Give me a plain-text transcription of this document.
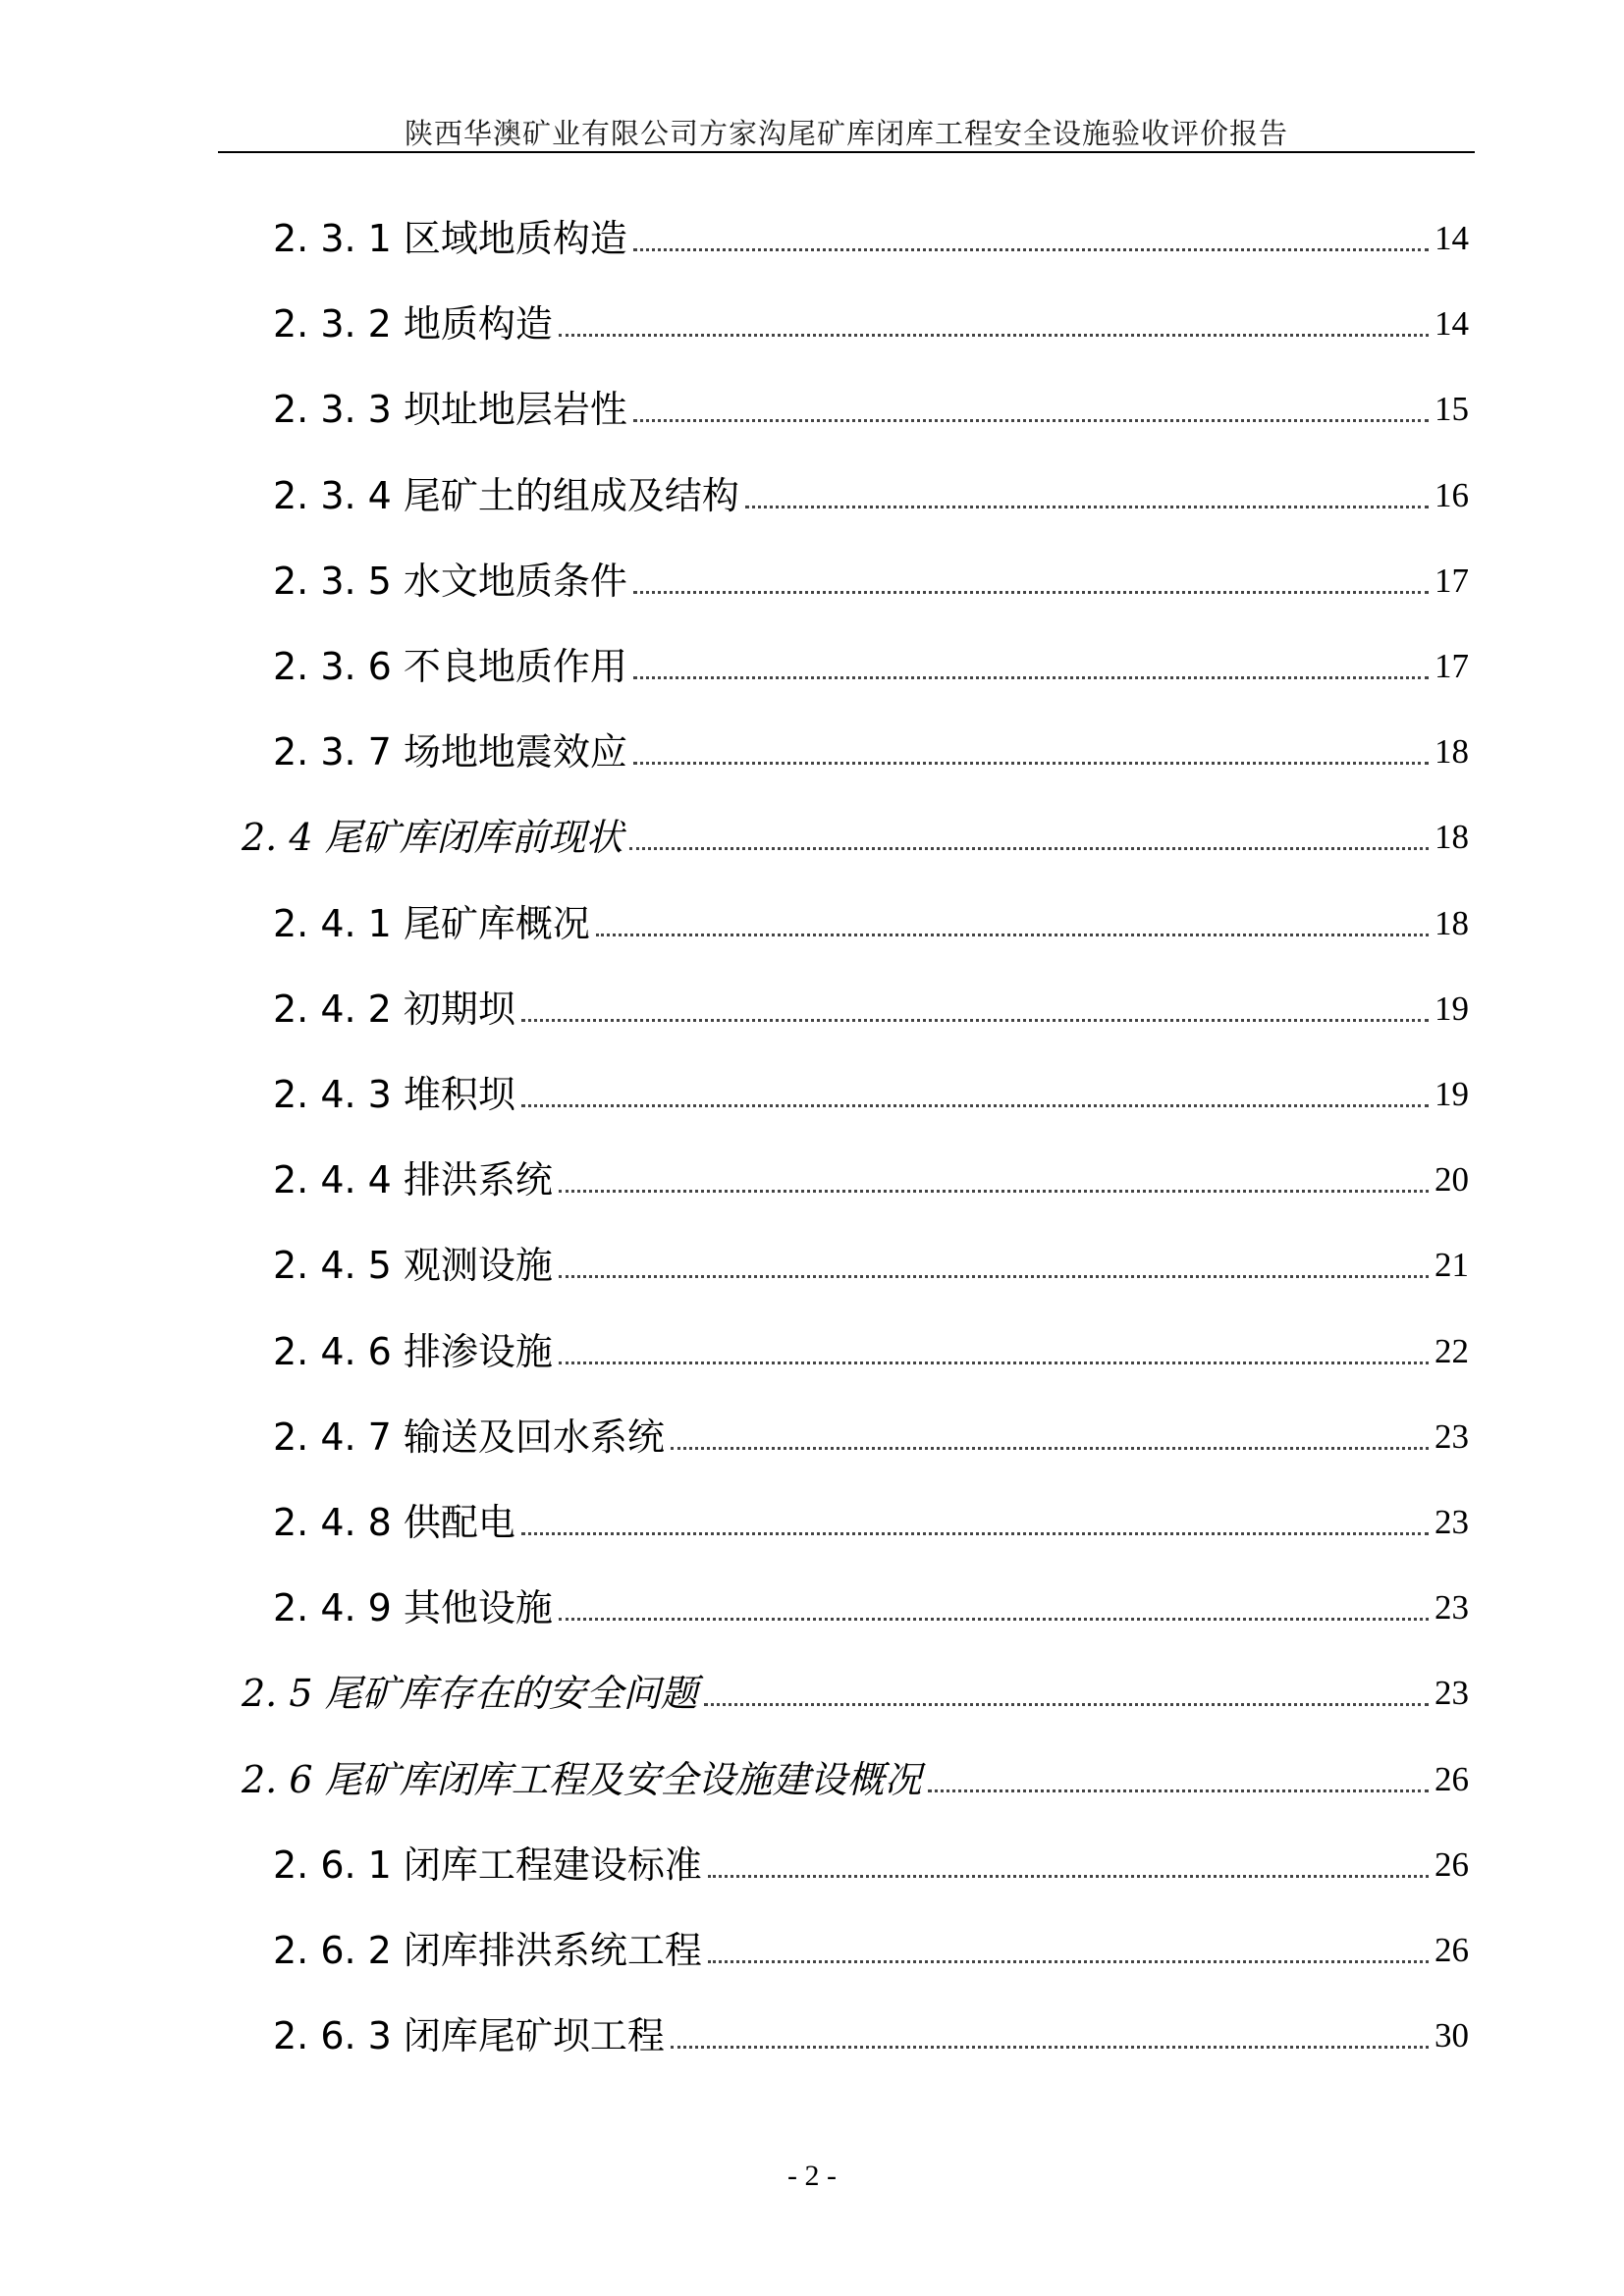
陕西华澳矿业有限公司方家沟尾矿库闭库工程安全设施验收评价报告
2. 3. 1 区域地质构造	14
2. 3. 2 地质构造	14
2. 3. 3 坝址地层岩性	15
2. 3. 4 尾矿土的组成及结构	16
2. 3. 5 水文地质条件	17
2. 3. 6 不良地质作用	17
2. 3. 7 场地地震效应	18
2. 4 尾矿库闭库前现状	18
2. 4. 1 尾矿库概况	18
2. 4. 2 初期坝	19
2. 4. 3 堆积坝	19
2. 4. 4 排洪系统	20
2. 4. 5 观测设施	21
2. 4. 6 排渗设施	22
2. 4. 7 输送及回水系统	23
2. 4. 8 供配电	23
2. 4. 9 其他设施	23
2. 5 尾矿库存在的安全问题	23
2. 6 尾矿库闭库工程及安全设施建设概况	26
2. 6. 1 闭库工程建设标准	26
2. 6. 2 闭库排洪系统工程	26
2. 6. 3 闭库尾矿坝工程	30
- 2 -
